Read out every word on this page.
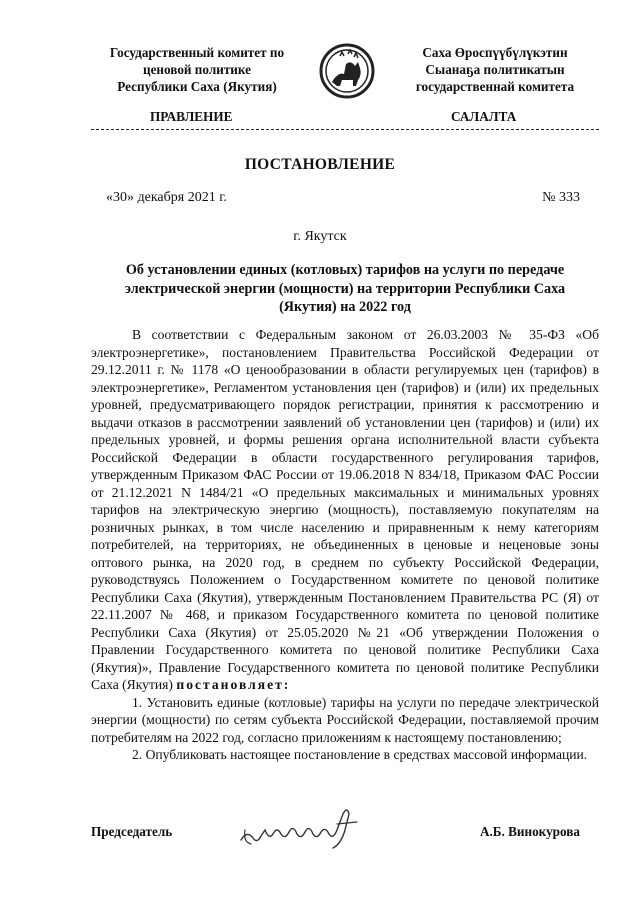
Государственный комитет по
ценовой политике
Республики Саха (Якутия)
Саха Өроспүүбүлүкэтин
Сыанаҕа политикатын
государственнай комитета
ПРАВЛЕНИЕ	САЛАЛТА
ПОСТАНОВЛЕНИЕ
«30» декабря 2021 г.	№ 333
г. Якутск
Об установлении единых (котловых) тарифов на услуги по передаче электрической энергии (мощности) на территории Республики Саха (Якутия) на 2022 год

В соответствии с Федеральным законом от 26.03.2003 № 35-ФЗ «Об электроэнергетике», постановлением Правительства Российской Федерации от 29.12.2011 г. № 1178 «О ценообразовании в области регулируемых цен (тарифов) в электроэнергетике», Регламентом установления цен (тарифов) и (или) их предельных уровней, предусматривающего порядок регистрации, принятия к рассмотрению и выдачи отказов в рассмотрении заявлений об установлении цен (тарифов) и (или) их предельных уровней, и формы решения органа исполнительной власти субъекта Российской Федерации в области государственного регулирования тарифов, утвержденным Приказом ФАС России от 19.06.2018 N 834/18, Приказом ФАС России от 21.12.2021 N 1484/21 «О предельных максимальных и минимальных уровнях тарифов на электрическую энергию (мощность), поставляемую покупателям на розничных рынках, в том числе населению и приравненным к нему категориям потребителей, на территориях, не объединенных в ценовые и неценовые зоны оптового рынка, на 2020 год, в среднем по субъекту Российской Федерации, руководствуясь Положением о Государственном комитете по ценовой политике Республики Саха (Якутия), утвержденным Постановлением Правительства РС (Я) от 22.11.2007 № 468, и приказом Государственного комитета по ценовой политике Республики Саха (Якутия) от 25.05.2020 №21 «Об утверждении Положения о Правлении Государственного комитета по ценовой политике Республики Саха (Якутия)», Правление Государственного комитета по ценовой политике Республики Саха (Якутия) постановляет:

1. Установить единые (котловые) тарифы на услуги по передаче электрической энергии (мощности) по сетям субъекта Российской Федерации, поставляемой прочим потребителям на 2022 год, согласно приложениям к настоящему постановлению;

2. Опубликовать настоящее постановление в средствах массовой информации.

Председатель	А.Б. Винокурова
